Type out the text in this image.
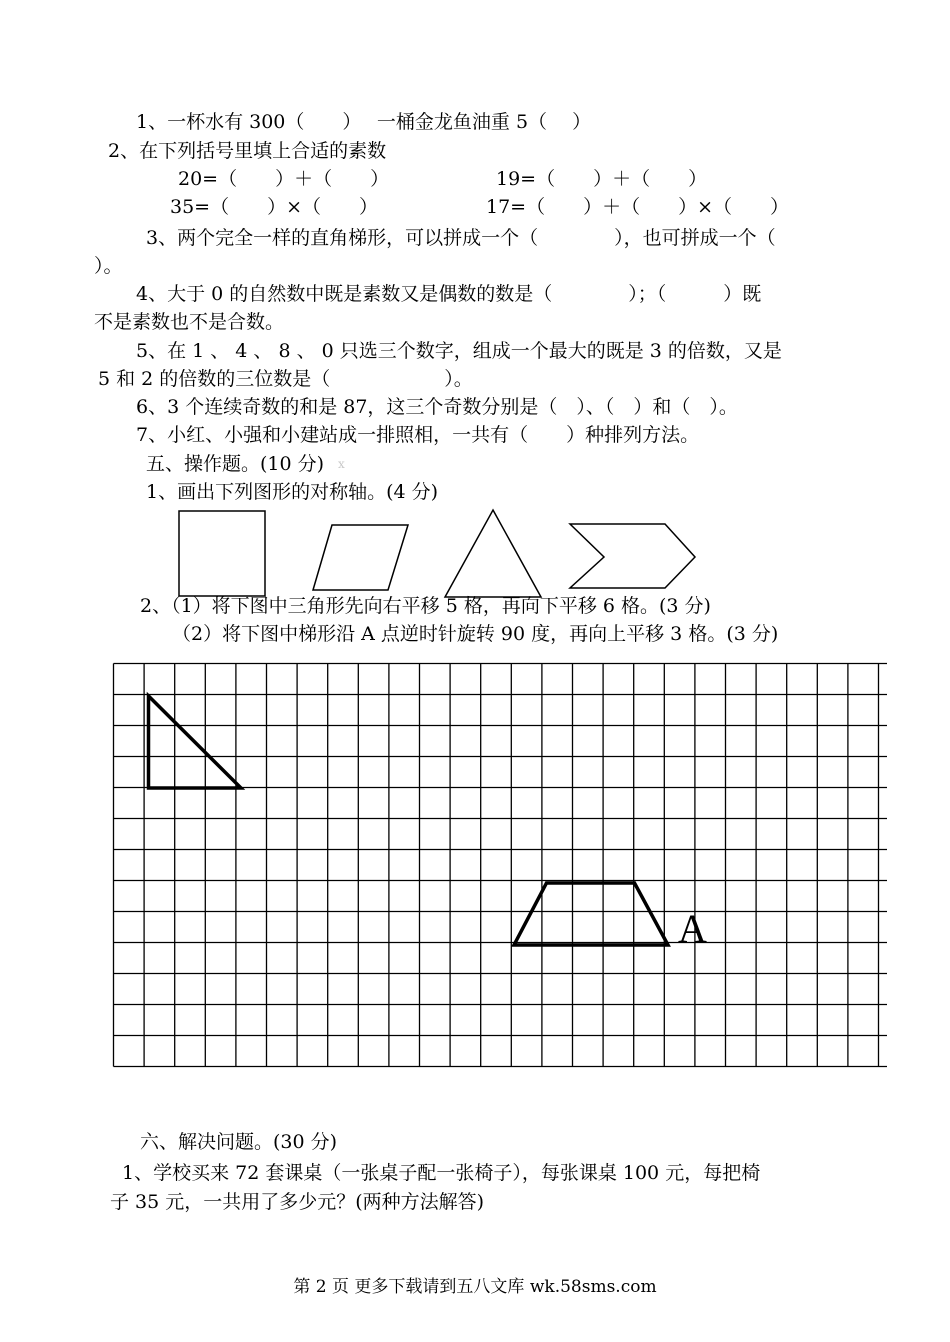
1、一杯水有 300（　　）　 一桶金龙鱼油重 5（　 ）
2、在下列括号里填上合适的素数
20=（　　）＋（　　）	19=（　　）＋（　　）
35=（　　）×（　　）	17=（　　）＋（　　）×（　　）
3、两个完全一样的直角梯形，可以拼成一个（　　　　），也可拼成一个（
）。
4、大于 0 的自然数中既是素数又是偶数的数是（　　　　）；（　　　）既
不是素数也不是合数。
5、在 1 、 4 、 8 、 0 只选三个数字，组成一个最大的既是 3 的倍数，又是
5 和 2 的倍数的三位数是（　　　　　　）。
6、3 个连续奇数的和是 87，这三个奇数分别是（　）、（　）和（　）。
7、小红、小强和小建站成一排照相，一共有（　　）种排列方法。
五、操作题。(10 分) x
1、画出下列图形的对称轴。(4 分)
2、（1）将下图中三角形先向右平移 5 格，再向下平移 6 格。(3 分)
（2）将下图中梯形沿 A 点逆时针旋转 90 度，再向上平移 3 格。(3 分)
A
六、解决问题。(30 分)
1、学校买来 72 套课桌（一张桌子配一张椅子），每张课桌 100 元，每把椅
子 35 元，一共用了多少元？(两种方法解答)
第 2 页 更多下载请到五八文库 wk.58sms.com
